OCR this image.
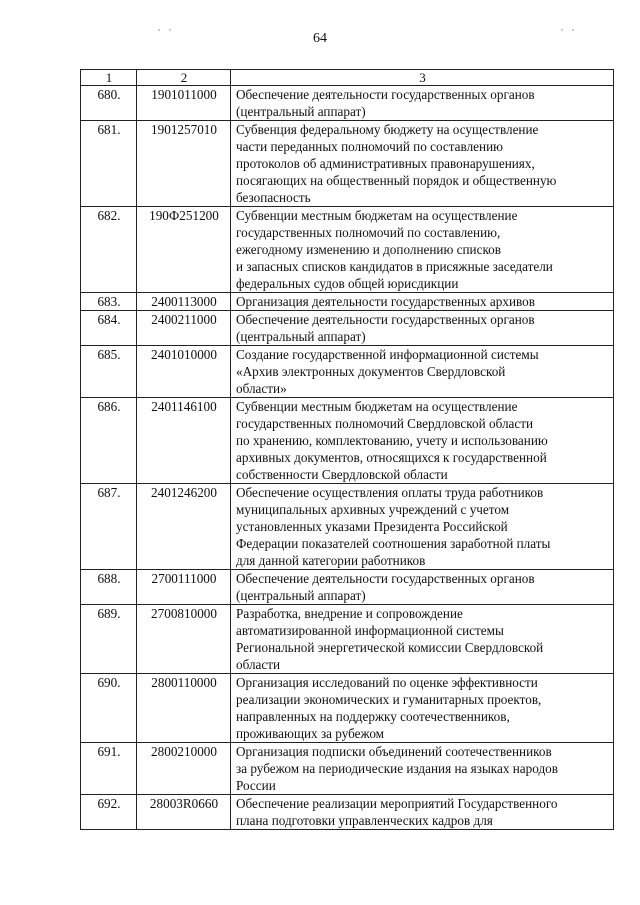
˙ ˙	˙ ˙
64
1	2	3
680.	1901011000	Обеспечение деятельности государственных органов
(центральный аппарат)

681.	1901257010	Субвенция федеральному бюджету на осуществление
части переданных полномочий по составлению
протоколов об административных правонарушениях,
посягающих на общественный порядок и общественную
безопасность

682.	190Ф251200	Субвенции местным бюджетам на осуществление
государственных полномочий по составлению,
ежегодному изменению и дополнению списков
и запасных списков кандидатов в присяжные заседатели
федеральных судов общей юрисдикции

683.	2400113000	Организация деятельности государственных архивов

684.	2400211000	Обеспечение деятельности государственных органов
(центральный аппарат)

685.	2401010000	Создание государственной информационной системы
«Архив электронных документов Свердловской
области»

686.	2401146100	Субвенции местным бюджетам на осуществление
государственных полномочий Свердловской области
по хранению, комплектованию, учету и использованию
архивных документов, относящихся к государственной
собственности Свердловской области

687.	2401246200	Обеспечение осуществления оплаты труда работников
муниципальных архивных учреждений с учетом
установленных указами Президента Российской
Федерации показателей соотношения заработной платы
для данной категории работников

688.	2700111000	Обеспечение деятельности государственных органов
(центральный аппарат)

689.	2700810000	Разработка, внедрение и сопровождение
автоматизированной информационной системы
Региональной энергетической комиссии Свердловской
области

690.	2800110000	Организация исследований по оценке эффективности
реализации экономических и гуманитарных проектов,
направленных на поддержку соотечественников,
проживающих за рубежом

691.	2800210000	Организация подписки объединений соотечественников
за рубежом на периодические издания на языках народов
России

692.	28003R0660	Обеспечение реализации мероприятий Государственного
плана подготовки управленческих кадров для
